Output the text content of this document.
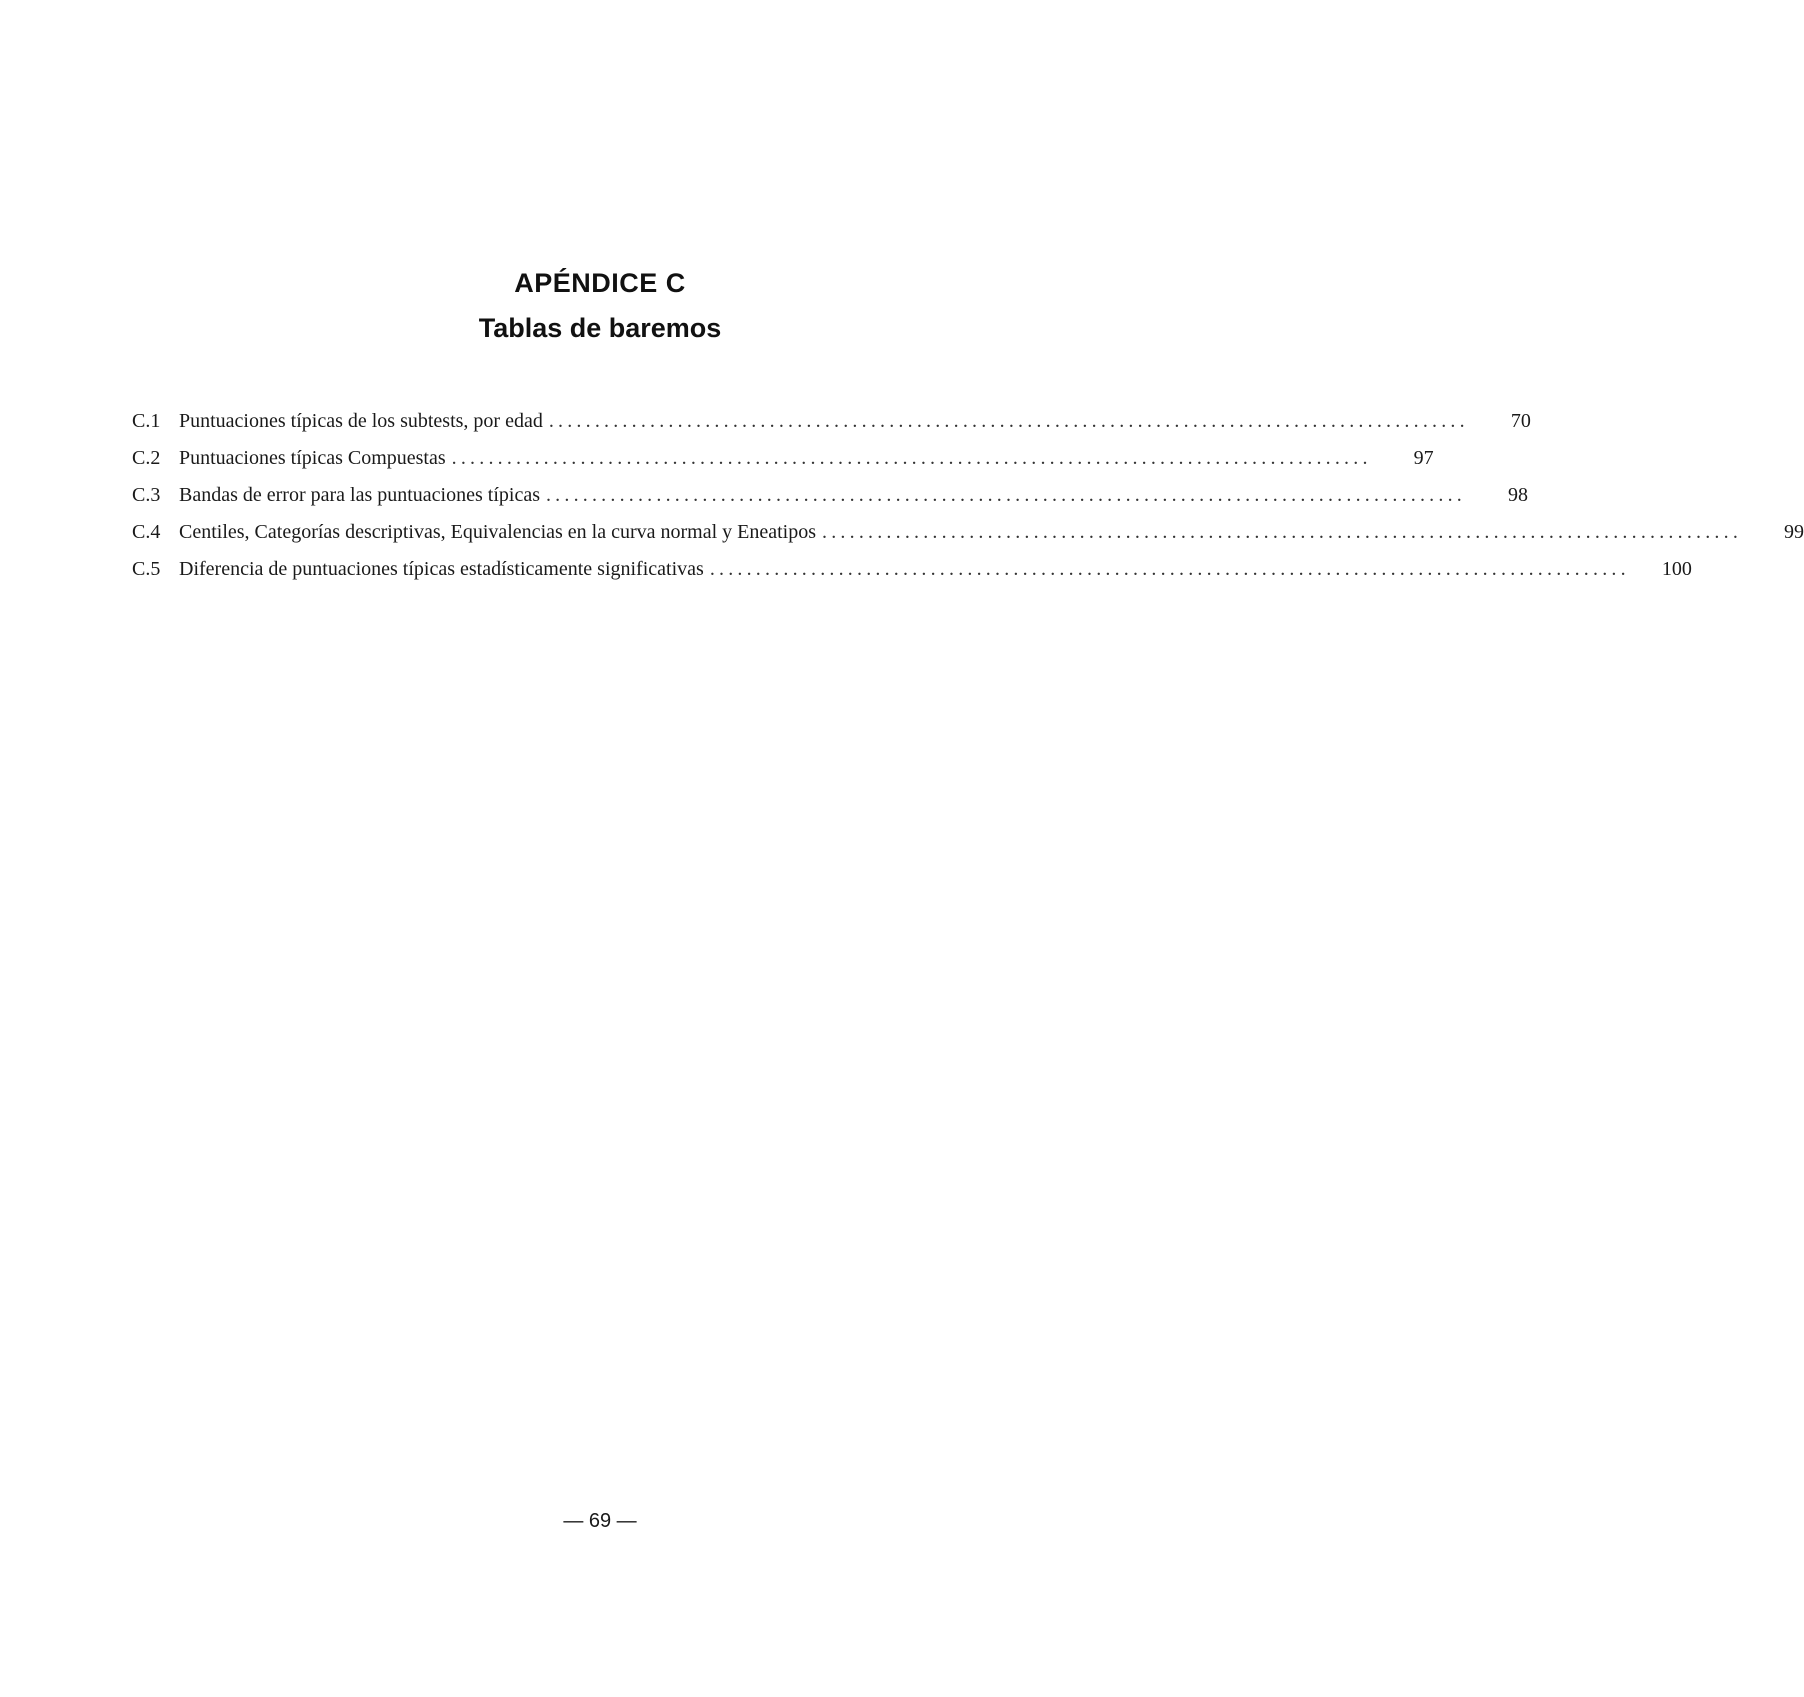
APÉNDICE C
Tablas de baremos
C.1 Puntuaciones típicas de los subtests, por edad ....................................................................................................	70
C.2 Puntuaciones típicas Compuestas ....................................................................................................	97
C.3 Bandas de error para las puntuaciones típicas ....................................................................................................	98
C.4 Centiles, Categorías descriptivas, Equivalencias en la curva normal y Eneatipos ....................................................................................................	99
C.5 Diferencia de puntuaciones típicas estadísticamente significativas ....................................................................................................	100
— 69 —
